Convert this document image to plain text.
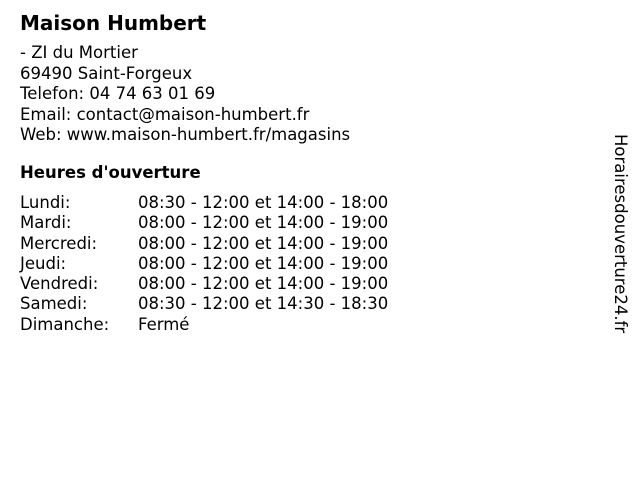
Maison Humbert
- ZI du Mortier
69490 Saint-Forgeux
Telefon: 04 74 63 01 69
Email: contact@maison-humbert.fr
Web: www.maison-humbert.fr/magasins
Heures d'ouverture
Lundi:	08:30 - 12:00 et 14:00 - 18:00
Mardi:	08:00 - 12:00 et 14:00 - 19:00
Mercredi: 08:00 - 12:00 et 14:00 - 19:00
Jeudi:	08:00 - 12:00 et 14:00 - 19:00
Vendredi: 08:00 - 12:00 et 14:00 - 19:00
Samedi:	08:30 - 12:00 et 14:30 - 18:30
Dimanche: Fermé	Horairesdouverture24.fr
